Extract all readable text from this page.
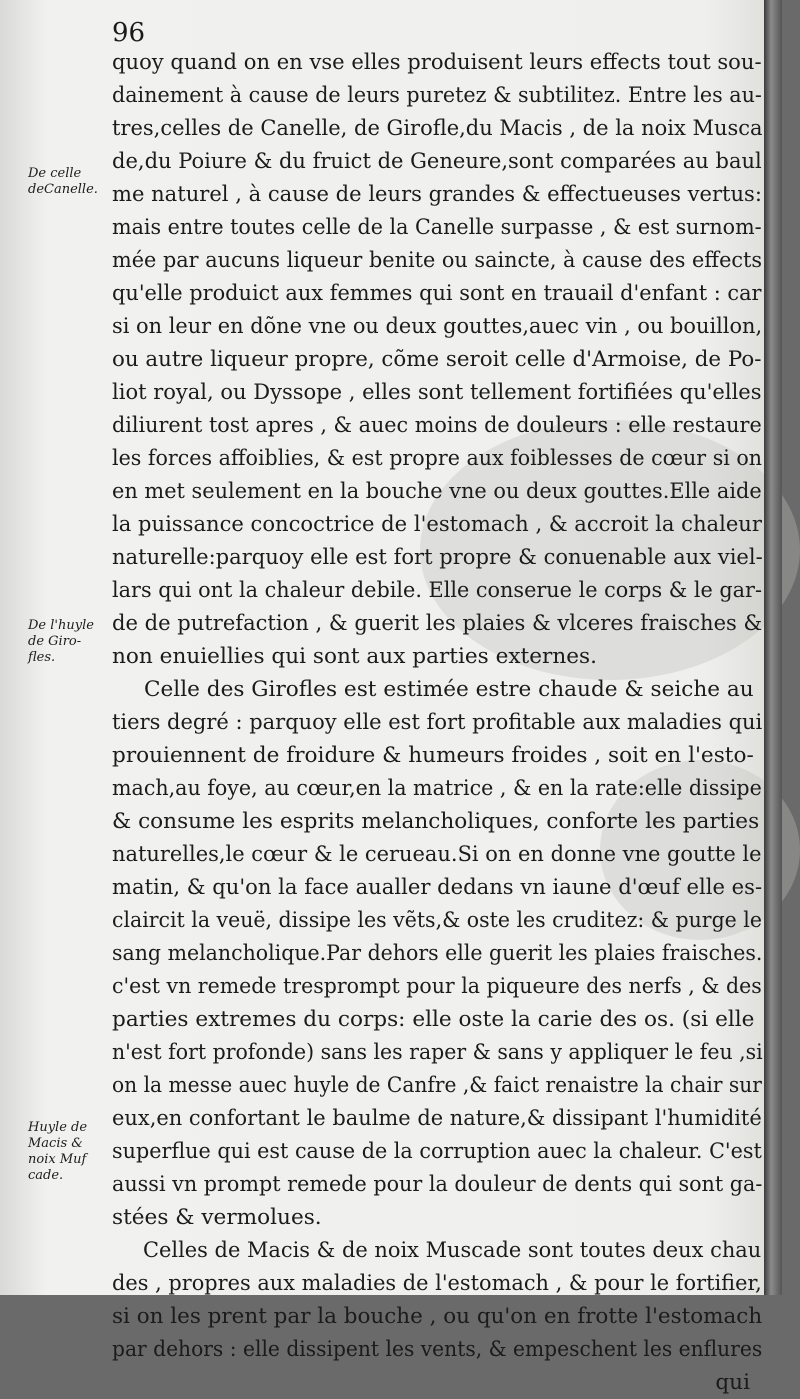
96
De celle
deCanelle.
De l'huyle
de Giro-
fles.
Huyle de
Macis &
noix Muf
cade.
quoy quand on en vse elles produisent leurs effects tout sou-
dainement à cause de leurs puretez & subtilitez. Entre les au-
tres,celles de Canelle, de Girofle,du Macis , de la noix Musca
de,du Poiure & du fruict de Geneure,sont comparées au baul
me naturel , à cause de leurs grandes & effectueuses vertus:
mais entre toutes celle de la Canelle surpasse , & est surnom-
mée par aucuns liqueur benite ou saincte, à cause des effects
qu'elle produict aux femmes qui sont en trauail d'enfant : car
si on leur en dõne vne ou deux gouttes,auec vin , ou bouillon,
ou autre liqueur propre, cõme seroit celle d'Armoise, de Po-
liot royal, ou Dyssope , elles sont tellement fortifiées qu'elles
diliurent tost apres , & auec moins de douleurs : elle restaure
les forces affoiblies, & est propre aux foiblesses de cœur si on
en met seulement en la bouche vne ou deux gouttes.Elle aide
la puissance concoctrice de l'estomach , & accroit la chaleur
naturelle:parquoy elle est fort propre & conuenable aux viel-
lars qui ont la chaleur debile. Elle conserue le corps & le gar-
de de putrefaction , & guerit les plaies & vlceres fraisches &
non enuiellies qui sont aux parties externes.
Celle des Girofles est estimée estre chaude & seiche au
tiers degré : parquoy elle est fort profitable aux maladies qui
prouiennent de froidure & humeurs froides , soit en l'esto-
mach,au foye, au cœur,en la matrice , & en la rate:elle dissipe
& consume les esprits melancholiques, conforte les parties
naturelles,le cœur & le cerueau.Si on en donne vne goutte le
matin, & qu'on la face aualler dedans vn iaune d'œuf elle es-
claircit la veuë, dissipe les vẽts,& oste les cruditez: & purge le
sang melancholique.Par dehors elle guerit les plaies fraisches.
c'est vn remede tresprompt pour la piqueure des nerfs , & des
parties extremes du corps: elle oste la carie des os. (si elle
n'est fort profonde) sans les raper & sans y appliquer le feu ,si
on la messe auec huyle de Canfre ,& faict renaistre la chair sur
eux,en confortant le baulme de nature,& dissipant l'humidité
superflue qui est cause de la corruption auec la chaleur. C'est
aussi vn prompt remede pour la douleur de dents qui sont ga-
stées & vermolues.
Celles de Macis & de noix Muscade sont toutes deux chau
des , propres aux maladies de l'estomach , & pour le fortifier,
si on les prent par la bouche , ou qu'on en frotte l'estomach
par dehors : elle dissipent les vents, & empeschent les enflures
qui
